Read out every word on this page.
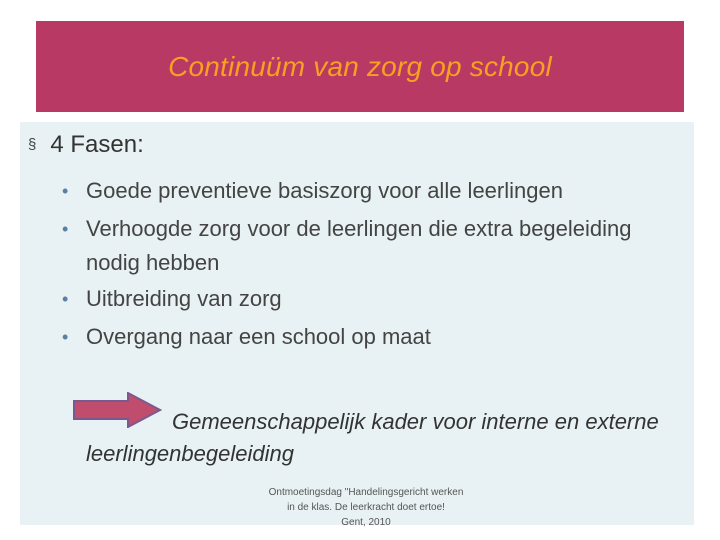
Continuüm van zorg op school
§ 4 Fasen:
• Goede preventieve basiszorg voor alle leerlingen
• Verhoogde zorg voor de leerlingen die extra begeleiding nodig hebben
• Uitbreiding van zorg
• Overgang naar een school op maat
Gemeenschappelijk kader voor interne en externe leerlingenbegeleiding
Ontmoetingsdag "Handelingsgericht werken
in de klas. De leerkracht doet ertoe!
Gent, 2010
